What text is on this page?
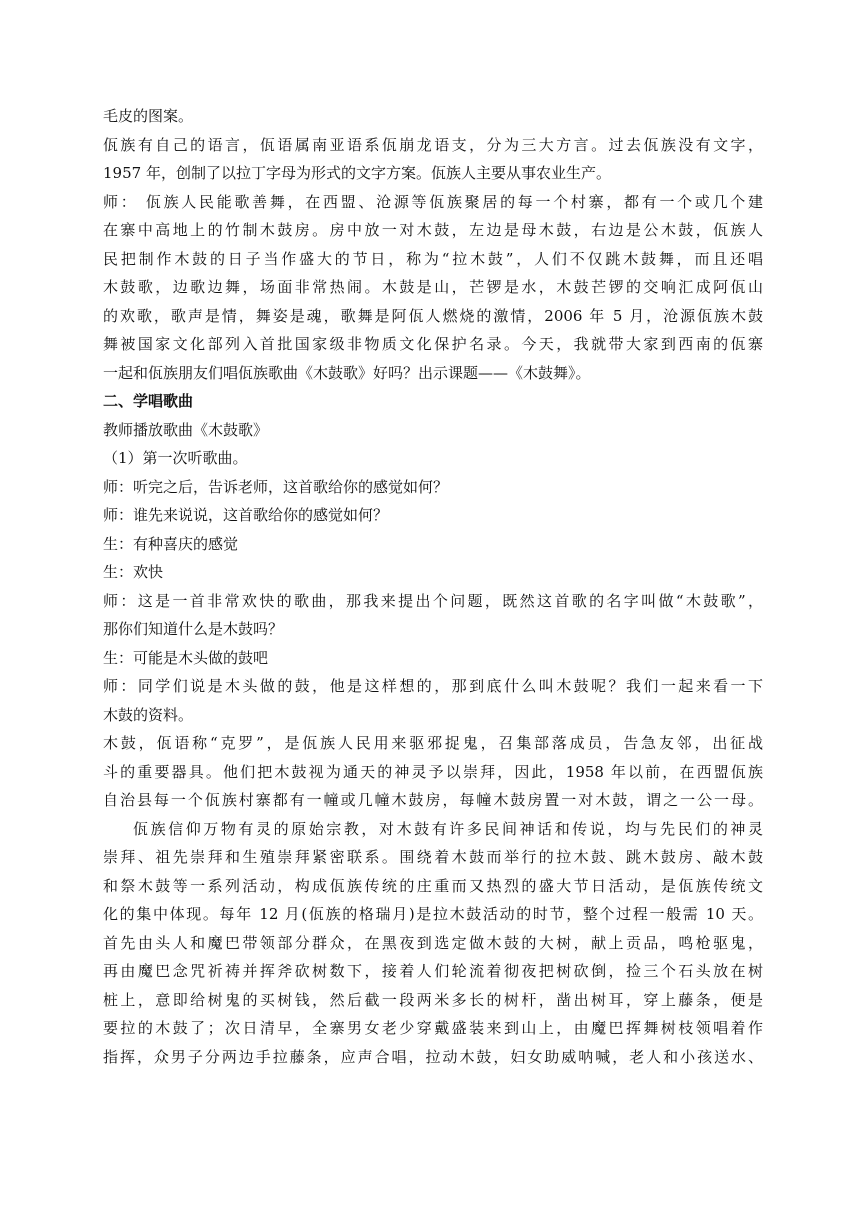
毛皮的图案。
佤族有自己的语言，佤语属南亚语系佤崩龙语支，分为三大方言。过去佤族没有文字，
1957 年，创制了以拉丁字母为形式的文字方案。佤族人主要从事农业生产。
师： 佤族人民能歌善舞，在西盟、沧源等佤族聚居的每一个村寨，都有一个或几个建
在寨中高地上的竹制木鼓房。房中放一对木鼓，左边是母木鼓，右边是公木鼓，佤族人
民把制作木鼓的日子当作盛大的节日，称为“拉木鼓”，人们不仅跳木鼓舞，而且还唱
木鼓歌，边歌边舞，场面非常热闹。木鼓是山，芒锣是水，木鼓芒锣的交响汇成阿佤山
的欢歌，歌声是情，舞姿是魂，歌舞是阿佤人燃烧的激情，2006 年 5 月，沧源佤族木鼓
舞被国家文化部列入首批国家级非物质文化保护名录。今天，我就带大家到西南的佤寨
一起和佤族朋友们唱佤族歌曲《木鼓歌》好吗？出示课题——《木鼓舞》。
二、学唱歌曲
教师播放歌曲《木鼓歌》
（1）第一次听歌曲。
师：听完之后，告诉老师，这首歌给你的感觉如何？
师：谁先来说说，这首歌给你的感觉如何？
生：有种喜庆的感觉
生：欢快
师：这是一首非常欢快的歌曲，那我来提出个问题，既然这首歌的名字叫做“木鼓歌”，
那你们知道什么是木鼓吗？
生：可能是木头做的鼓吧
师：同学们说是木头做的鼓，他是这样想的，那到底什么叫木鼓呢？我们一起来看一下
木鼓的资料。
木鼓，佤语称“克罗”，是佤族人民用来驱邪捉鬼，召集部落成员，告急友邻，出征战
斗的重要器具。他们把木鼓视为通天的神灵予以崇拜，因此，1958 年以前，在西盟佤族
自治县每一个佤族村寨都有一幢或几幢木鼓房，每幢木鼓房置一对木鼓，谓之一公一母。
佤族信仰万物有灵的原始宗教，对木鼓有许多民间神话和传说，均与先民们的神灵
崇拜、祖先崇拜和生殖崇拜紧密联系。围绕着木鼓而举行的拉木鼓、跳木鼓房、敲木鼓
和祭木鼓等一系列活动，构成佤族传统的庄重而又热烈的盛大节日活动，是佤族传统文
化的集中体现。每年 12 月(佤族的格瑞月)是拉木鼓活动的时节，整个过程一般需 10 天。
首先由头人和魔巴带领部分群众，在黑夜到选定做木鼓的大树，献上贡品，鸣枪驱鬼，
再由魔巴念咒祈祷并挥斧砍树数下，接着人们轮流着彻夜把树砍倒，捡三个石头放在树
桩上，意即给树鬼的买树钱，然后截一段两米多长的树杆，凿出树耳，穿上藤条，便是
要拉的木鼓了；次日清早，全寨男女老少穿戴盛装来到山上，由魔巴挥舞树枝领唱着作
指挥，众男子分两边手拉藤条，应声合唱，拉动木鼓，妇女助威呐喊，老人和小孩送水、
